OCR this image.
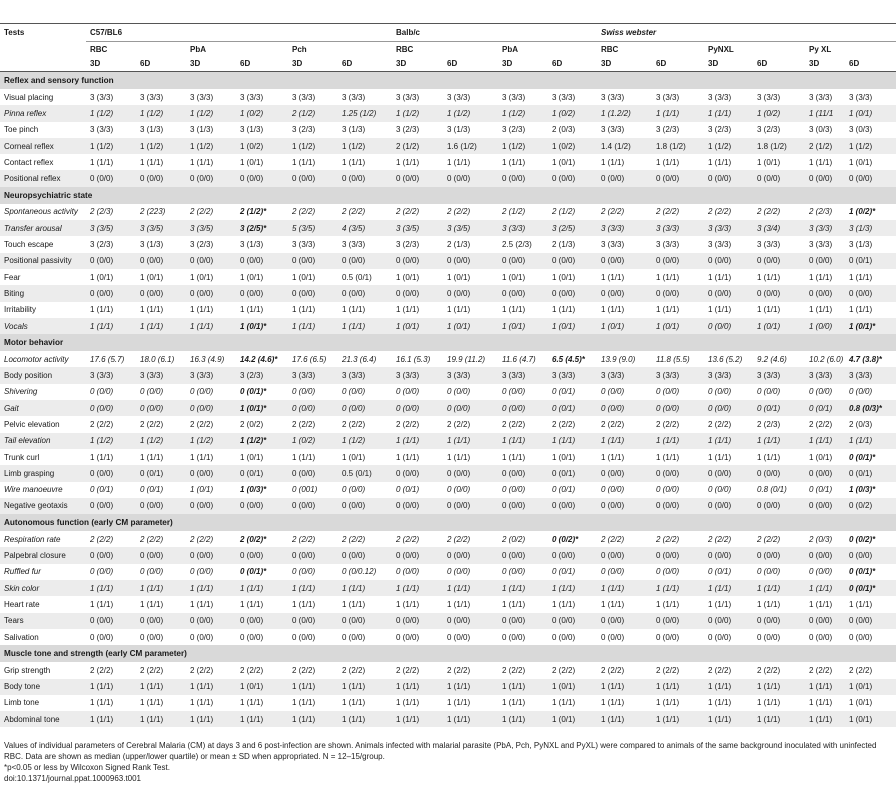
Tests	C57/BL6						Balb/c				Swiss webster					
	RBC		PbA		Pch		RBC		PbA		RBC		PyNXL		Py XL	
	3D	6D	3D	6D	3D	6D	3D	6D	3D	6D	3D	6D	3D	6D	3D	6D
Reflex and sensory function																
Visual placing	3 (3/3)	3 (3/3)	3 (3/3)	3 (3/3)	3 (3/3)	3 (3/3)	3 (3/3)	3 (3/3)	3 (3/3)	3 (3/3)	3 (3/3)	3 (3/3)	3 (3/3)	3 (3/3)	3 (3/3)	3 (3/3)
Pinna reflex	1 (1/2)	1 (1/2)	1 (1/2)	1 (0/2)	2 (1/2)	1.25 (1/2)	1 (1/2)	1 (1/2)	1 (1/2)	1 (0/2)	1 (1.2/2)	1 (1/1)	1 (1/1)	1 (0/2)	1 (11/1	1 (0/1)
Toe pinch	3 (3/3)	3 (1/3)	3 (1/3)	3 (1/3)	3 (2/3)	3 (1/3)	3 (2/3)	3 (1/3)	3 (2/3)	2 (0/3)	3 (3/3)	3 (2/3)	3 (2/3)	3 (2/3)	3 (0/3)	3 (0/3)
Corneal reflex	1 (1/2)	1 (1/2)	1 (1/2)	1 (0/2)	1 (1/2)	1 (1/2)	2 (1/2)	1.6 (1/2)	1 (1/2)	1 (0/2)	1.4 (1/2)	1.8 (1/2)	1 (1/2)	1.8 (1/2)	2 (1/2)	1 (1/2)
Contact reflex	1 (1/1)	1 (1/1)	1 (1/1)	1 (0/1)	1 (1/1)	1 (1/1)	1 (1/1)	1 (1/1)	1 (1/1)	1 (0/1)	1 (1/1)	1 (1/1)	1 (1/1)	1 (0/1)	1 (1/1)	1 (0/1)
Positional reflex	0 (0/0)	0 (0/0)	0 (0/0)	0 (0/0)	0 (0/0)	0 (0/0)	0 (0/0)	0 (0/0)	0 (0/0)	0 (0/0)	0 (0/0)	0 (0/0)	0 (0/0)	0 (0/0)	0 (0/0)	0 (0/0)
Neuropsychiatric state																
Spontaneous activity	2 (2/3)	2 (223)	2 (2/2)	2 (1/2)*	2 (2/2)	2 (2/2)	2 (2/2)	2 (2/2)	2 (1/2)	2 (1/2)	2 (2/2)	2 (2/2)	2 (2/2)	2 (2/2)	2 (2/3)	1 (0/2)*
Transfer arousal	3 (3/5)	3 (3/5)	3 (3/5)	3 (2/5)*	5 (3/5)	4 (3/5)	3 (3/5)	3 (3/5)	3 (3/3)	3 (2/5)	3 (3/3)	3 (3/3)	3 (3/3)	3 (3/4)	3 (3/3)	3 (1/3)
Touch escape	3 (2/3)	3 (1/3)	3 (2/3)	3 (1/3)	3 (3/3)	3 (3/3)	3 (2/3)	2 (1/3)	2.5 (2/3)	2 (1/3)	3 (3/3)	3 (3/3)	3 (3/3)	3 (3/3)	3 (3/3)	3 (1/3)
Positional passivity	0 (0/0)	0 (0/0)	0 (0/0)	0 (0/0)	0 (0/0)	0 (0/0)	0 (0/0)	0 (0/0)	0 (0/0)	0 (0/0)	0 (0/0)	0 (0/0)	0 (0/0)	0 (0/0)	0 (0/0)	0 (0/1)
Fear	1 (0/1)	1 (0/1)	1 (0/1)	1 (0/1)	1 (0/1)	0.5 (0/1)	1 (0/1)	1 (0/1)	1 (0/1)	1 (0/1)	1 (1/1)	1 (1/1)	1 (1/1)	1 (1/1)	1 (1/1)	1 (1/1)
Biting	0 (0/0)	0 (0/0)	0 (0/0)	0 (0/0)	0 (0/0)	0 (0/0)	0 (0/0)	0 (0/0)	0 (0/0)	0 (0/0)	0 (0/0)	0 (0/0)	0 (0/0)	0 (0/0)	0 (0/0)	0 (0/0)
Irritability	1 (1/1)	1 (1/1)	1 (1/1)	1 (1/1)	1 (1/1)	1 (1/1)	1 (1/1)	1 (1/1)	1 (1/1)	1 (1/1)	1 (1/1)	1 (1/1)	1 (1/1)	1 (1/1)	1 (1/1)	1 (1/1)
Vocals	1 (1/1)	1 (1/1)	1 (1/1)	1 (0/1)*	1 (1/1)	1 (1/1)	1 (0/1)	1 (0/1)	1 (0/1)	1 (0/1)	1 (0/1)	1 (0/1)	0 (0/0)	1 (0/1)	1 (0/0)	1 (0/1)*
Motor behavior																
Locomotor activity	17.6 (5.7)	18.0 (6.1)	16.3 (4.9)	14.2 (4.6)*	17.6 (6.5)	21.3 (6.4)	16.1 (5.3)	19.9 (11.2)	11.6 (4.7)	6.5 (4.5)*	13.9 (9.0)	11.8 (5.5)	13.6 (5.2)	9.2 (4.6)	10.2 (6.0)	4.7 (3.8)*
Body position	3 (3/3)	3 (3/3)	3 (3/3)	3 (2/3)	3 (3/3)	3 (3/3)	3 (3/3)	3 (3/3)	3 (3/3)	3 (3/3)	3 (3/3)	3 (3/3)	3 (3/3)	3 (3/3)	3 (3/3)	3 (3/3)
Shivering	0 (0/0)	0 (0/0)	0 (0/0)	0 (0/1)*	0 (0/0)	0 (0/0)	0 (0/0)	0 (0/0)	0 (0/0)	0 (0/1)	0 (0/0)	0 (0/0)	0 (0/0)	0 (0/0)	0 (0/0)	0 (0/0)
Gait	0 (0/0)	0 (0/0)	0 (0/0)	1 (0/1)*	0 (0/0)	0 (0/0)	0 (0/0)	0 (0/0)	0 (0/0)	0 (0/1)	0 (0/0)	0 (0/0)	0 (0/0)	0 (0/1)	0 (0/1)	0.8 (0/3)*
Pelvic elevation	2 (2/2)	2 (2/2)	2 (2/2)	2 (0/2)	2 (2/2)	2 (2/2)	2 (2/2)	2 (2/2)	2 (2/2)	2 (2/2)	2 (2/2)	2 (2/2)	2 (2/2)	2 (2/3)	2 (2/2)	2 (0/3)
Tail elevation	1 (1/2)	1 (1/2)	1 (1/2)	1 (1/2)*	1 (0/2)	1 (1/2)	1 (1/1)	1 (1/1)	1 (1/1)	1 (1/1)	1 (1/1)	1 (1/1)	1 (1/1)	1 (1/1)	1 (1/1)	1 (1/1)
Trunk curl	1 (1/1)	1 (1/1)	1 (1/1)	1 (0/1)	1 (1/1)	1 (0/1)	1 (1/1)	1 (1/1)	1 (1/1)	1 (0/1)	1 (1/1)	1 (1/1)	1 (1/1)	1 (1/1)	1 (0/1)	0 (0/1)*
Limb grasping	0 (0/0)	0 (0/1)	0 (0/0)	0 (0/1)	0 (0/0)	0.5 (0/1)	0 (0/0)	0 (0/0)	0 (0/0)	0 (0/1)	0 (0/0)	0 (0/0)	0 (0/0)	0 (0/0)	0 (0/0)	0 (0/1)
Wire manoeuvre	0 (0/1)	0 (0/1)	1 (0/1)	1 (0/3)*	0 (001)	0 (0/0)	0 (0/1)	0 (0/0)	0 (0/0)	0 (0/1)	0 (0/0)	0 (0/0)	0 (0/0)	0.8 (0/1)	0 (0/1)	1 (0/3)*
Negative geotaxis	0 (0/0)	0 (0/0)	0 (0/0)	0 (0/0)	0 (0/0)	0 (0/0)	0 (0/0)	0 (0/0)	0 (0/0)	0 (0/0)	0 (0/0)	0 (0/0)	0 (0/0)	0 (0/0)	0 (0/0)	0 (0/2)
Autonomous function (early CM parameter)																
Respiration rate	2 (2/2)	2 (2/2)	2 (2/2)	2 (0/2)*	2 (2/2)	2 (2/2)	2 (2/2)	2 (2/2)	2 (0/2)	0 (0/2)*	2 (2/2)	2 (2/2)	2 (2/2)	2 (2/2)	2 (0/3)	0 (0/2)*
Palpebral closure	0 (0/0)	0 (0/0)	0 (0/0)	0 (0/0)	0 (0/0)	0 (0/0)	0 (0/0)	0 (0/0)	0 (0/0)	0 (0/0)	0 (0/0)	0 (0/0)	0 (0/0)	0 (0/0)	0 (0/0)	0 (0/0)
Ruffled fur	0 (0/0)	0 (0/0)	0 (0/0)	0 (0/1)*	0 (0/0)	0 (0/0.12)	0 (0/0)	0 (0/0)	0 (0/0)	0 (0/1)	0 (0/0)	0 (0/0)	0 (0/1)	0 (0/0)	0 (0/0)	0 (0/1)*
Skin color	1 (1/1)	1 (1/1)	1 (1/1)	1 (1/1)	1 (1/1)	1 (1/1)	1 (1/1)	1 (1/1)	1 (1/1)	1 (1/1)	1 (1/1)	1 (1/1)	1 (1/1)	1 (1/1)	1 (1/1)	0 (0/1)*
Heart rate	1 (1/1)	1 (1/1)	1 (1/1)	1 (1/1)	1 (1/1)	1 (1/1)	1 (1/1)	1 (1/1)	1 (1/1)	1 (1/1)	1 (1/1)	1 (1/1)	1 (1/1)	1 (1/1)	1 (1/1)	1 (1/1)
Tears	0 (0/0)	0 (0/0)	0 (0/0)	0 (0/0)	0 (0/0)	0 (0/0)	0 (0/0)	0 (0/0)	0 (0/0)	0 (0/0)	0 (0/0)	0 (0/0)	0 (0/0)	0 (0/0)	0 (0/0)	0 (0/0)
Salivation	0 (0/0)	0 (0/0)	0 (0/0)	0 (0/0)	0 (0/0)	0 (0/0)	0 (0/0)	0 (0/0)	0 (0/0)	0 (0/0)	0 (0/0)	0 (0/0)	0 (0/0)	0 (0/0)	0 (0/0)	0 (0/0)
Muscle tone and strength (early CM parameter)																
Grip strength	2 (2/2)	2 (2/2)	2 (2/2)	2 (2/2)	2 (2/2)	2 (2/2)	2 (2/2)	2 (2/2)	2 (2/2)	2 (2/2)	2 (2/2)	2 (2/2)	2 (2/2)	2 (2/2)	2 (2/2)	2 (2/2)
Body tone	1 (1/1)	1 (1/1)	1 (1/1)	1 (0/1)	1 (1/1)	1 (1/1)	1 (1/1)	1 (1/1)	1 (1/1)	1 (0/1)	1 (1/1)	1 (1/1)	1 (1/1)	1 (1/1)	1 (1/1)	1 (0/1)
Limb tone	1 (1/1)	1 (1/1)	1 (1/1)	1 (1/1)	1 (1/1)	1 (1/1)	1 (1/1)	1 (1/1)	1 (1/1)	1 (1/1)	1 (1/1)	1 (1/1)	1 (1/1)	1 (1/1)	1 (1/1)	1 (0/1)
Abdominal tone	1 (1/1)	1 (1/1)	1 (1/1)	1 (1/1)	1 (1/1)	1 (1/1)	1 (1/1)	1 (1/1)	1 (1/1)	1 (0/1)	1 (1/1)	1 (1/1)	1 (1/1)	1 (1/1)	1 (1/1)	1 (0/1)

Values of individual parameters of Cerebral Malaria (CM) at days 3 and 6 post-infection are shown. Animals infected with malarial parasite (PbA, Pch, PyNXL and PyXL) were compared to animals of the same background inoculated with uninfected RBC. Data are shown as median (upper/lower quartile) or mean ± SD when appropriated. N = 12–15/group.

*p<0.05 or less by Wilcoxon Signed Rank Test.

doi:10.1371/journal.ppat.1000963.t001
